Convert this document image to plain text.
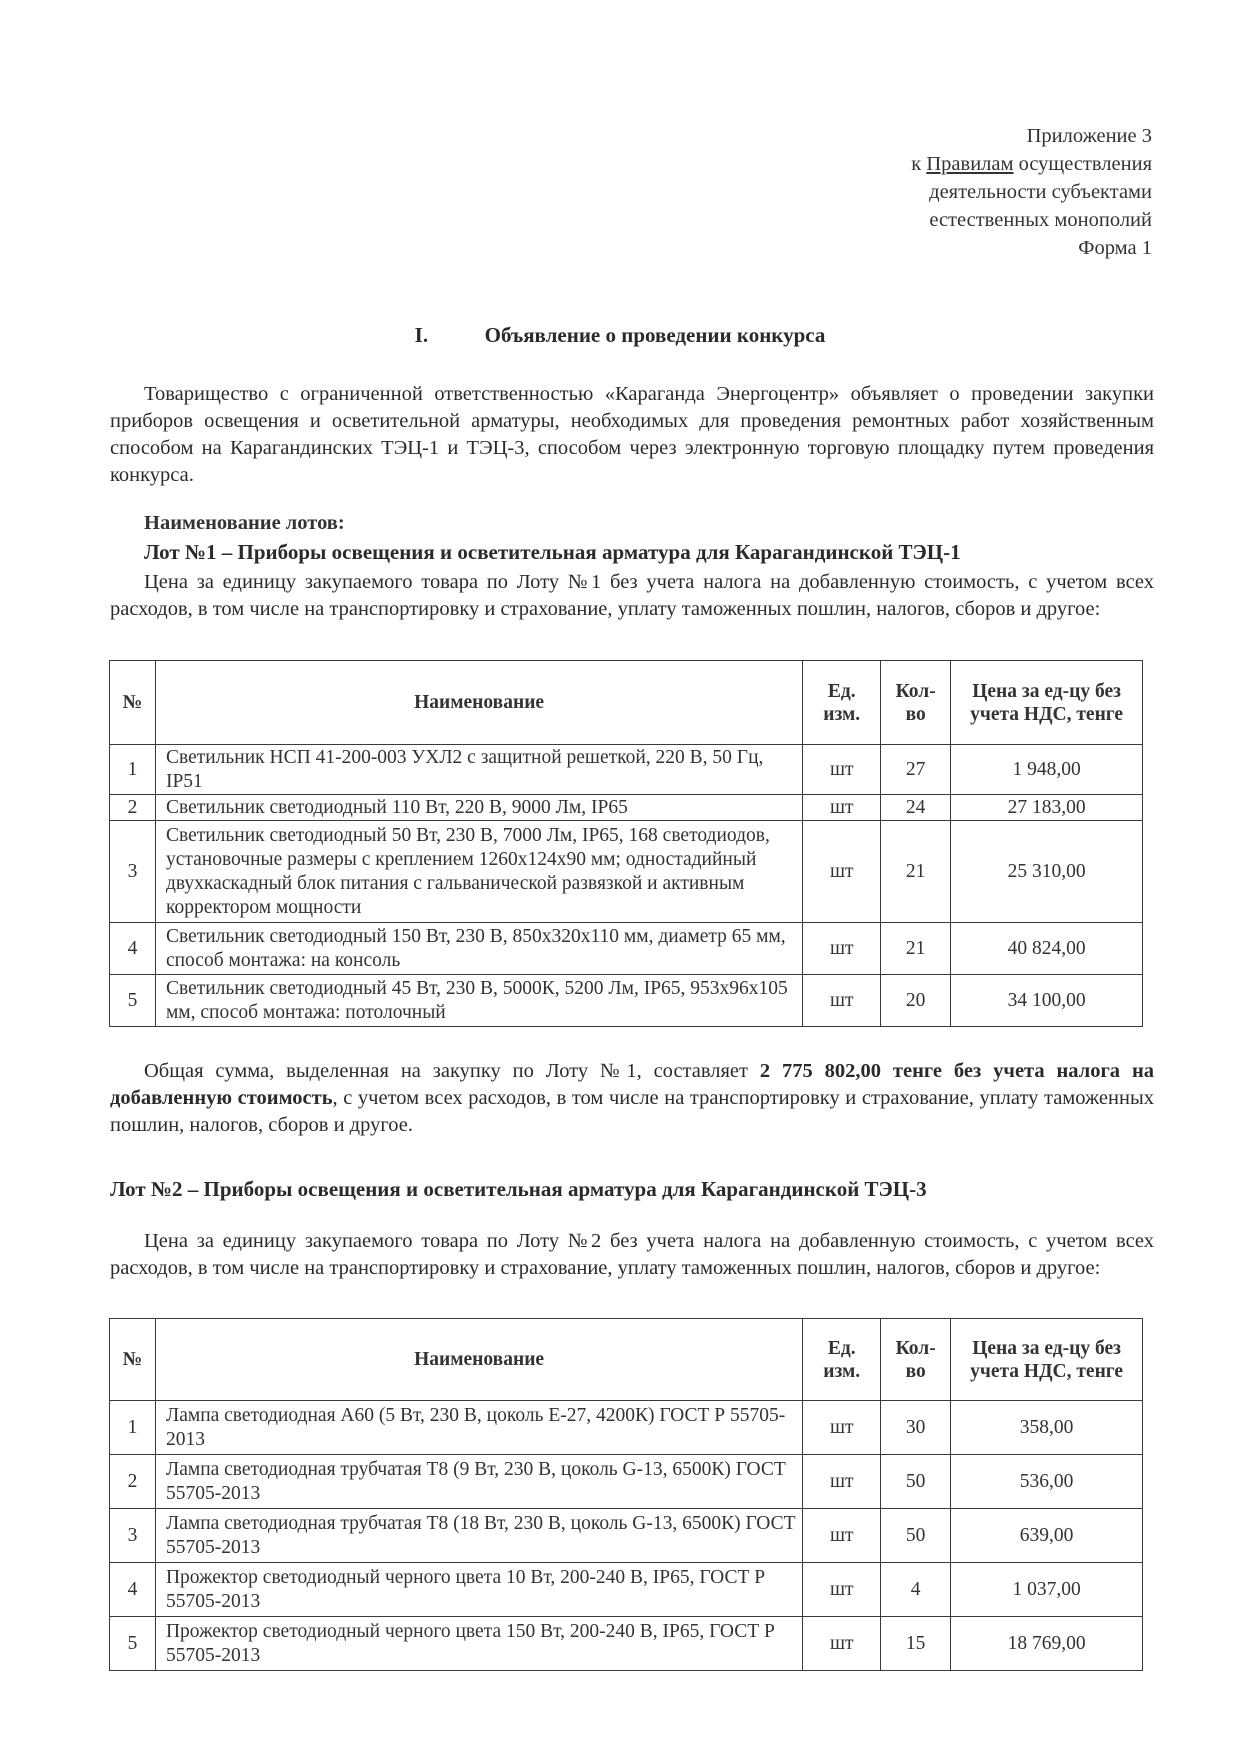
Приложение 3
к Правилам осуществления
деятельности субъектами
естественных монополий
Форма 1
I.	Объявление о проведении конкурса
Товарищество с ограниченной ответственностью «Караганда Энергоцентр» объявляет о проведении закупки приборов освещения и осветительной арматуры, необходимых для проведения ремонтных работ хозяйственным способом на Карагандинских ТЭЦ-1 и ТЭЦ-3, способом через электронную торговую площадку путем проведения конкурса.
Наименование лотов:
Лот №1 – Приборы освещения и осветительная арматура для Карагандинской ТЭЦ-1
Цена за единицу закупаемого товара по Лоту №1 без учета налога на добавленную стоимость, с учетом всех расходов, в том числе на транспортировку и страхование, уплату таможенных пошлин, налогов, сборов и другое:
№	Наименование	Ед. изм.	Кол-во	Цена за ед-цу без учета НДС, тенге
1	Светильник НСП 41-200-003 УХЛ2 с защитной решеткой, 220 В, 50 Гц, IP51	шт	27	1 948,00
2	Светильник светодиодный 110 Вт, 220 В, 9000 Лм, IP65	шт	24	27 183,00
3	Светильник светодиодный 50 Вт, 230 В, 7000 Лм, IP65, 168 светодиодов, установочные размеры с креплением 1260х124х90 мм; одностадийный двухкаскадный блок питания с гальванической развязкой и активным корректором мощности	шт	21	25 310,00
4	Светильник светодиодный 150 Вт, 230 В, 850х320х110 мм, диаметр 65 мм, способ монтажа: на консоль	шт	21	40 824,00
5	Светильник светодиодный 45 Вт, 230 В, 5000К, 5200 Лм, IP65, 953х96х105 мм, способ монтажа: потолочный	шт	20	34 100,00
Общая сумма, выделенная на закупку по Лоту №1, составляет 2 775 802,00 тенге без учета налога на добавленную стоимость, с учетом всех расходов, в том числе на транспортировку и страхование, уплату таможенных пошлин, налогов, сборов и другое.
Лот №2 – Приборы освещения и осветительная арматура для Карагандинской ТЭЦ-3
Цена за единицу закупаемого товара по Лоту №2 без учета налога на добавленную стоимость, с учетом всех расходов, в том числе на транспортировку и страхование, уплату таможенных пошлин, налогов, сборов и другое:
№	Наименование	Ед. изм.	Кол-во	Цена за ед-цу без учета НДС, тенге
1	Лампа светодиодная А60 (5 Вт, 230 В, цоколь Е-27, 4200К) ГОСТ Р 55705-2013	шт	30	358,00
2	Лампа светодиодная трубчатая Т8 (9 Вт, 230 В, цоколь G-13, 6500К) ГОСТ 55705-2013	шт	50	536,00
3	Лампа светодиодная трубчатая Т8 (18 Вт, 230 В, цоколь G-13, 6500К) ГОСТ 55705-2013	шт	50	639,00
4	Прожектор светодиодный черного цвета 10 Вт, 200-240 В, IP65, ГОСТ Р 55705-2013	шт	4	1 037,00
5	Прожектор светодиодный черного цвета 150 Вт, 200-240 В, IP65, ГОСТ Р 55705-2013	шт	15	18 769,00
